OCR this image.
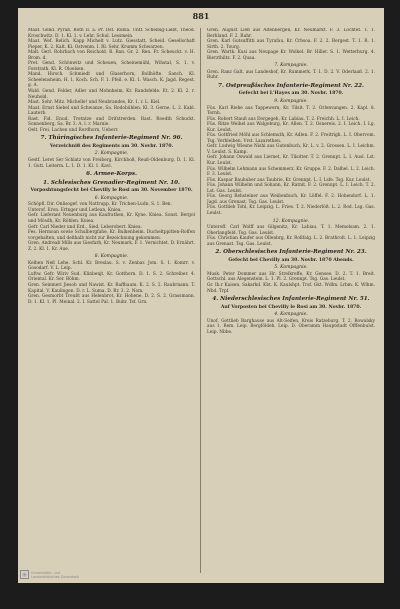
881
Maat. Gend. Pyraß, Roth II. a. Pr. Dst. Roßla. Untf. Scheibig-Liebt, Theod. Kroschwitz. D. 1. Kl. 1. v. Lehr. Schul. Lessmein.
Maat. Wef. Relich. Kapp Michelt v. Lutz. Giesstatt, Scheid. Gesellschaft Pieper, K. 2. Kalt. Kl. Ostvenm. I. Rl. Sehr. Krumm Schwarzen.
Malt. Gerl. Rohrbach von Reichold. B. Ban. Gr. 2. Ren. Fr. Scheuckt. v. H. Brom. d.
Pret. Gend. Schönwitz und Scheuen, Scheinemühl, Wihstal, S. 1. v. Forstrath. Kl. R. Oloelsen.
Mand. Hirsch. Schmiedt und Glaserhorn, Bollhöfte. Sanch. Kl. Scheelensheim. H. 1. Koch. Sch. F. 1. Pfeil. e. Kl. 1. Wasch. K. Jagd. Regest. g. A.
Wald. Gend. Felder, Adler und Mohnheim, Kr. Randsfelde. Et. 2. Kl. 2. r. Neuhold.
Mast. Sohr. Mitz. Michelle! und Neubrandes, Kr. 1. r. L. Kiel.
Maat. Ernst Siebel und Schwanze, Sa. Rodobühlen, Kl. 3. Gerne. L. 2. Kabl. Lauterb.
Rast. Fid. Enud. Tretntze und Drifstrerden. Rast. Roedth Schuckt. Sonnenberg, Sa. Br. 3. A. l. r. Marnie.
Oelt. Frei. Lachen und Rordhorn, Ueberr.
7. Thüringisches Infanterie-Regiment Nr. 96.
Verzeichniß des Regiments am 30. Novbr. 1870.
2. Kompagnie.
Gestf. Leret Ser Schlatz von Freiberg, Kirchboß, Reuß-Oldenburg. D. 1. Kl. 1. Gutt. Leiterm. L. 1. D. 1. Kl. 1. Kavl.
6. Armee-Korps.
1. Schlesisches Grenadier-Regiment Nr. 10.
Vorposhtungsfecht bei Chevilly le Rosi am 30. November 1870.
6. Kompagnie.
Schöpfl. Dir. Onlisogef. von Nattrupp, Kr. Trichen-Ludn. S. 1. Ben.
Unterof. Eron. Ertnger und Letlean, Kniea.
Gefr. Lieferant Neuenburg aus Kaufrathen, Kr. Kyne. Kniea. Sonst. Bergol und Mösdh, Kr. Röhlen. Kniea.
Gefr. Carl Nieder und Erd., Sied. Leberobert. Kniea.
Fes. Hermoan sowie Schulbergfahe, Kr. Bulkenheim. Ducheltppitten-Roffen vorgehalten, und deßhalb nicht zur Bezeichnung gekommen.
Gren. Andreaß Mills aus Giesfarb, Kr. Neumark. F. 1. Vernichtet. D. Ernährt. Z. 2. Kl. 1. Kr. Aue.
8. Kompagnie.
Kelhen Neß Lehe. Schl. Kr. Breslau. S. v. Zenbar. Jom. S. 1. Komrr. v. Gosodarf. V. L. Leip.
Luftw. Gefr. Wiriv Sud. Klinbenjt. Kr. Gotthorn. D. 1. S. 2. Schreiber. 4. Oriental. Kr. Ser. Böhm.
Gren. Seinmeri Jiesoh und Nawist. Kr. Raffbaum. K. 2. S. 2. Raubrnann. T. Kapital. V. Kaulingen. D. r. L. Suma. D. Rr. 3. 2. Nom.
Gren. Gesmorbt Treußt aus Helenbrot, Kr. Hohene. D. 2. S. 2. Grassmann. D. 1. Kl. 1. Pl. Meinal. 2. I. Sattel Pal. 1. Buhr. Tsf. Grn.
Gren. August Ließ aus Altenbergen, Kr. Neumarkt. F. 3. Lochtet. T. 1. Berhland. F. 2. Ruhr.
Gren. Karl Gutsuffitti aus Tyrafau, Kr. Crbsoa. F. 2. 2. Bergest. T. 1. R. 1. Sirth. 2. Tourg.
Gren. Wartk. Kusi aus Neupage Kr. Wolkel. Br. Hiller. S. 1. Wetterburg. 4. Bierzthiltz. F. 2. Quaa.
7. Kompagnie.
Gren. Ranz Galt. aus Landeshof, Kr. Rummerk. T. 1. D. 2. V. Oderlaaß. 2. 1. Ruhr.
7. Ostpreußisches Infanterie-Regiment Nr. 22.
Gefecht bei L'Hayes am 30. Novbr. 1870.
9. Kompagnie.
Füs. Karl Riehe aus Tappewern, Kr. Tilsit. T. 2. Orlenvangen. 2. Kapl. 8. Tornh.
Füs. Robert Stauß aus Dorgegeh, Kr. Labiau. T. 2. Freichh. L. I. Leich.
Füs. Ritze Weihel aus Walgeburg, Kr. Allen. T. 2. Osnereis. 2. I. Leich. I. Lg. Kur. Leulst.
Füs. Gottfried Möhl aus Schlemuth, Kr. Adlen. F. 2. Freitrigh. L. I. Obervom. Tsg. Verbleiben. Vrst. Lazarethen.
Gefr. Ludwig Wiesne Nishi aus Gutenbuch, Kr. L. v. 2. Grossen. L. I. Leichm. V. Leulst. S. Kamp.
Gefr. Johann Oswald aus Liernet, Kr. Tilsitter. T. 2. Grennpt. L. I. Ausl. Lst. Kur. Leulst.
Füs. Wilhelm Lehmann aus Schemmerz, Kr. Gruppe. F. 2. Dalhel. L. 2. Leich. F. 3. Leulst.
Füs. Kaspar Bauhuber aus Taubrie, Kr. Grennpt. L. I. Lsfe. Tsg. Kur. Leulst.
Füs. Johann Wilhelm und Sohann, Kr. Ratnit. F. 2. Grennpt. L. I. Leich. T. 2. Lst. Gas. Leulst.
Füs. Georg Rehsteiner aus Weißenbuch, Kr. Löffel. F. 2. Hohendorf. L. 1. Jagd. aus Grenast. Tsg. Gas. Leulst.
Füs. Gottlieb Tohl, Kr. Leipzig. L. Fries. T. 2. Niederlöß. L. 2. Rod. Lsg. Gas. Leulst.
12. Kompagnie.
Unteroff. Carl Wolff aus Gilgenitz, Kr. Labiau. T. 1. Memelsam. 2. 1. Oberlangfeld. Tsg. Gas. Leulst.
Füs. Christian Kaufer aus Ollenbrg, Kr. Rollfalg. L. 2. Brathrolt. L. 1. Leipzig aus Grenast. Tsg. Gas. Leulst.
2. Oberschlesisches Infanterie-Regiment Nr. 23.
Gefecht bei Chevilly am 30. Novbr. 1870 Abends.
5. Kompagnie.
Musk. Peter Dommer aus Hr. Strelkreffe, Kr. Gensee. D. 2. T. 1. Breit. Gottschl. aus Alegenstein. L. 1. Pl. 2. Grennpt. Tsg. Gas. Leulst.
Gr. Ib.r Kaisen. Sakarkd. Kbt. K. Kaulshpt. Trsf. Gkt. Wdlm. Lrbm. K. Wlhm. Nbd. Trpf.
4. Niederschlesisches Infanterie-Regiment Nr. 51.
Auf Vorposten bei Chevilly le Rosi am 30. Novbr. 1870.
4. Kompagnie.
Unof. Gottlieb Barghause aus Alt-Seifen, Kreis Ratzeburg. T. 2. Rowalsky aus 1. Rem. Leip. Bergföldeh. Leip. D. Oberamm Hauptstadt Offfenbulst. Leip. Nbbe.
◉	Universitäts- und
Landesbibliothek Darmstadt
